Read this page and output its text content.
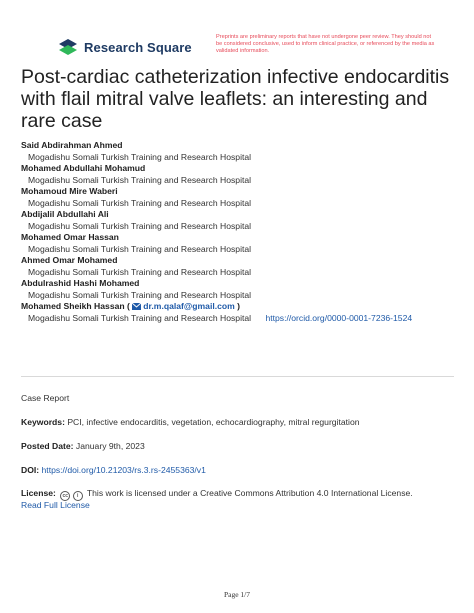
Research Square
Preprints are preliminary reports that have not undergone peer review. They should not be considered conclusive, used to inform clinical practice, or referenced by the media as validated information.
Post-cardiac catheterization infective endocarditis with flail mitral valve leaflets: an interesting and rare case
Said Abdirahman Ahmed
Mogadishu Somali Turkish Training and Research Hospital
Mohamed Abdullahi Mohamud
Mogadishu Somali Turkish Training and Research Hospital
Mohamoud Mire Waberi
Mogadishu Somali Turkish Training and Research Hospital
Abdijalil Abdullahi Ali
Mogadishu Somali Turkish Training and Research Hospital
Mohamed Omar Hassan
Mogadishu Somali Turkish Training and Research Hospital
Ahmed Omar Mohamed
Mogadishu Somali Turkish Training and Research Hospital
Abdulrashid Hashi Mohamed
Mogadishu Somali Turkish Training and Research Hospital
Mohamed Sheikh Hassan ( dr.m.qalaf@gmail.com )
Mogadishu Somali Turkish Training and Research Hospital https://orcid.org/0000-0001-7236-1524
Case Report
Keywords: PCI, infective endocarditis, vegetation, echocardiography, mitral regurgitation
Posted Date: January 9th, 2023
DOI: https://doi.org/10.21203/rs.3.rs-2455363/v1
License: cc i This work is licensed under a Creative Commons Attribution 4.0 International License.
Read Full License
Page 1/7
